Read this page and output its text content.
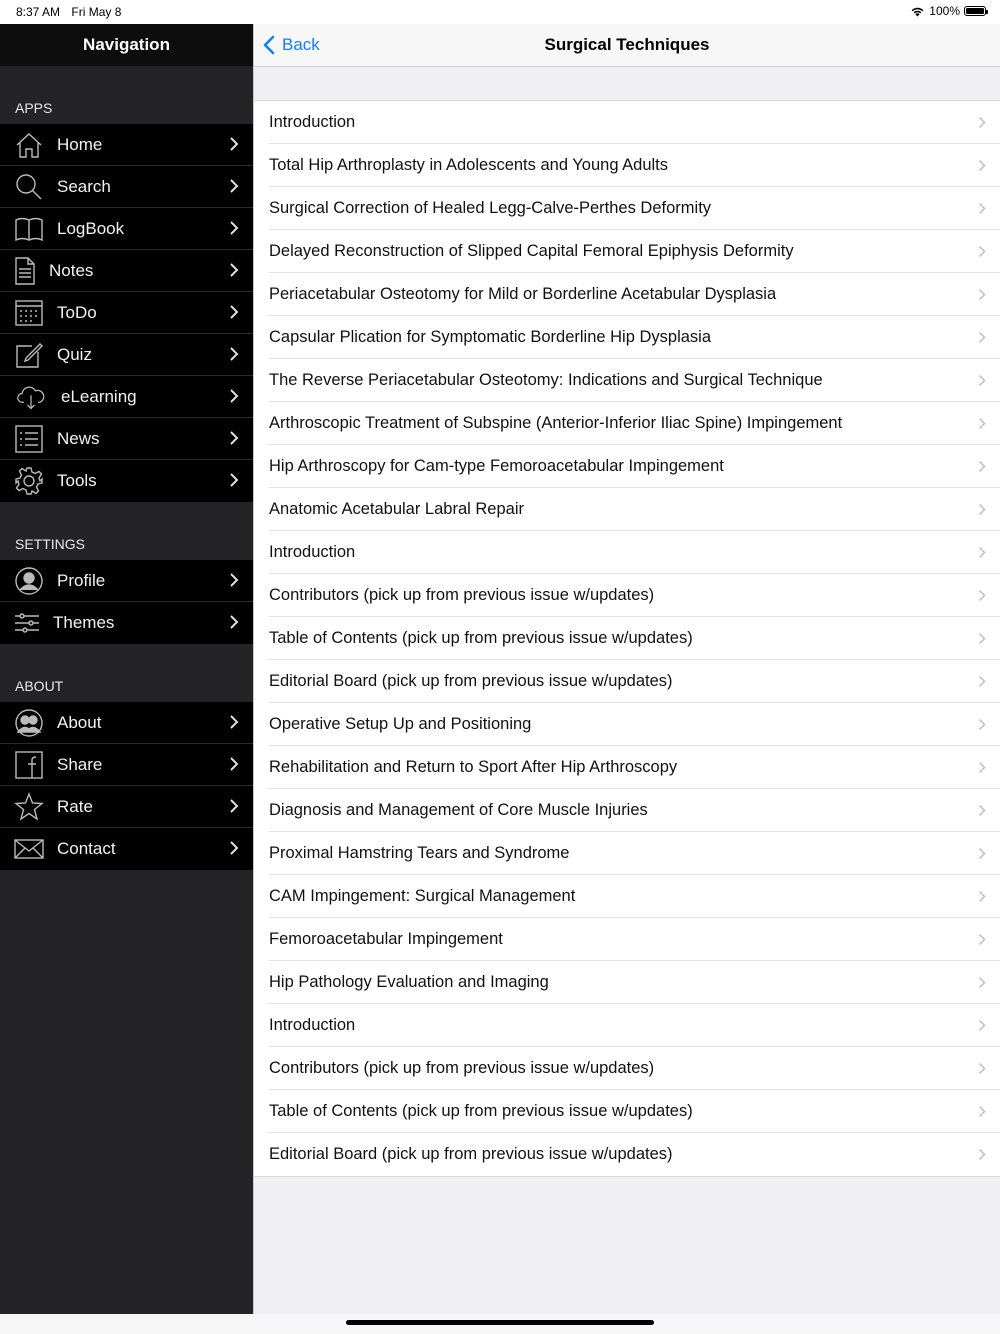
8:37 AM Fri May 8	100%
Navigation
APPS
Home
Search
LogBook
Notes
ToDo
Quiz
eLearning
News
Tools
SETTINGS
Profile
Themes
ABOUT
About
Share
Rate
Contact
Surgical Techniques
Back
Introduction
Total Hip Arthroplasty in Adolescents and Young Adults
Surgical Correction of Healed Legg-Calve-Perthes Deformity
Delayed Reconstruction of Slipped Capital Femoral Epiphysis Deformity
Periacetabular Osteotomy for Mild or Borderline Acetabular Dysplasia
Capsular Plication for Symptomatic Borderline Hip Dysplasia
The Reverse Periacetabular Osteotomy: Indications and Surgical Technique
Arthroscopic Treatment of Subspine (Anterior-Inferior Iliac Spine) Impingement
Hip Arthroscopy for Cam-type Femoroacetabular Impingement
Anatomic Acetabular Labral Repair
Introduction
Contributors (pick up from previous issue w/updates)
Table of Contents (pick up from previous issue w/updates)
Editorial Board (pick up from previous issue w/updates)
Operative Setup Up and Positioning
Rehabilitation and Return to Sport After Hip Arthroscopy
Diagnosis and Management of Core Muscle Injuries
Proximal Hamstring Tears and Syndrome
CAM Impingement: Surgical Management
Femoroacetabular Impingement
Hip Pathology Evaluation and Imaging
Introduction
Contributors (pick up from previous issue w/updates)
Table of Contents (pick up from previous issue w/updates)
Editorial Board (pick up from previous issue w/updates)
